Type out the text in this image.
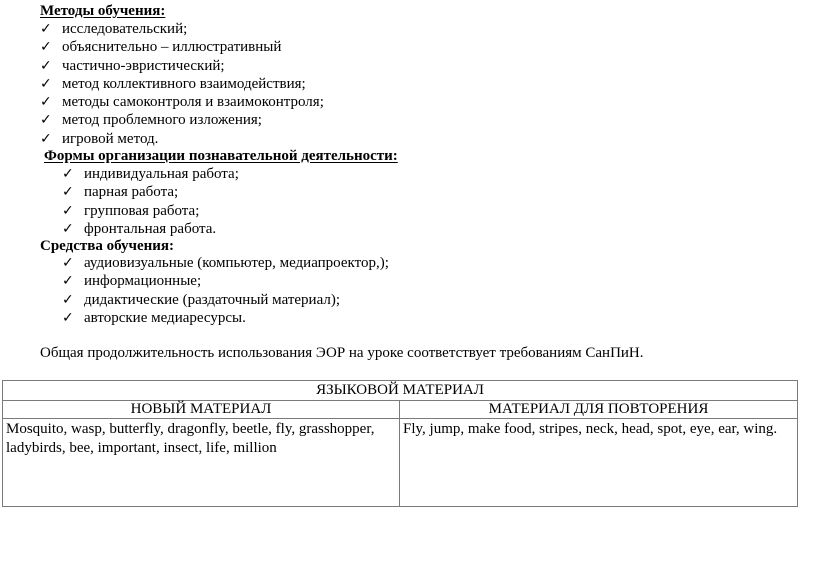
Методы обучения:
✓ исследовательский;
✓ объяснительно – иллюстративный
✓ частично-эвристический;
✓ метод коллективного взаимодействия;
✓ методы самоконтроля и взаимоконтроля;
✓ метод проблемного изложения;
✓ игровой метод.
Формы организации познавательной деятельности:
✓ индивидуальная работа;
✓ парная работа;
✓ групповая работа;
✓ фронтальная работа.
Средства обучения:
✓ аудиовизуальные (компьютер, медиапроектор,);
✓ информационные;
✓ дидактические (раздаточный материал);
✓ авторские медиаресурсы.
Общая продолжительность использования ЭОР на уроке соответствует требованиям СанПиН.
ЯЗЫКОВОЙ МАТЕРИАЛ	
НОВЫЙ МАТЕРИАЛ	МАТЕРИАЛ ДЛЯ ПОВТОРЕНИЯ
Mosquito, wasp, butterfly, dragonfly, beetle, fly, grasshopper, ladybirds, bee, important, insect, life, million	Fly, jump, make food, stripes, neck, head, spot, eye, ear, wing.
